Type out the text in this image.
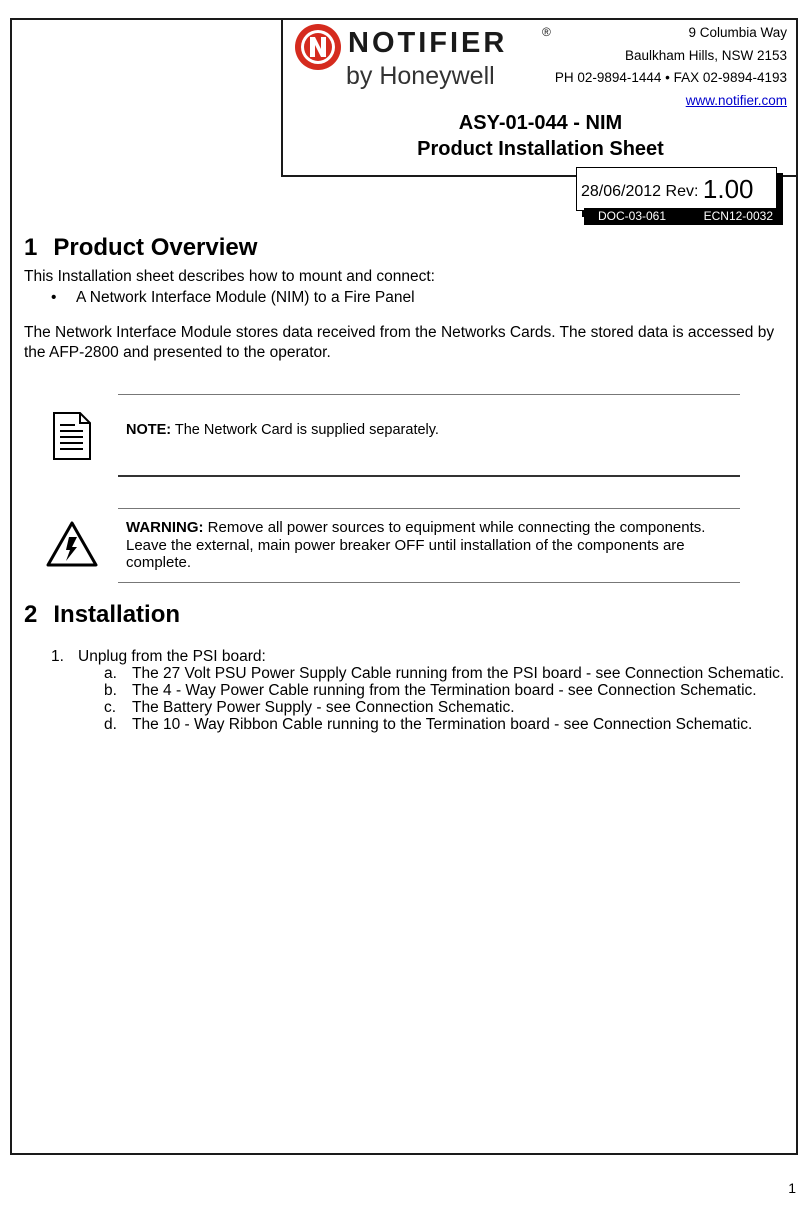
NOTIFIER	®
by Honeywell
9 Columbia Way
Baulkham Hills, NSW 2153
PH 02-9894-1444 • FAX 02-9894-4193
www.notifier.com
ASY-01-044 - NIM
Product Installation Sheet
28/06/2012 Rev: 1.00
DOC-03-061	ECN12-0032
1 Product Overview

This Installation sheet describes how to mount and connect:

• A Network Interface Module (NIM) to a Fire Panel

The Network Interface Module stores data received from the Networks Cards. The stored data is accessed by the AFP-2800 and presented to the operator.

NOTE: The Network Card is supplied separately.
WARNING: Remove all power sources to equipment while connecting the components. Leave the external, main power breaker OFF until installation of the components are complete.
2 Installation
1. Unplug from the PSI board:
a. The 27 Volt PSU Power Supply Cable running from the PSI board - see Connection Schematic.
b. The 4 - Way Power Cable running from the Termination board - see Connection Schematic.
c. The Battery Power Supply - see Connection Schematic.
d. The 10 - Way Ribbon Cable running to the Termination board - see Connection Schematic.
1
